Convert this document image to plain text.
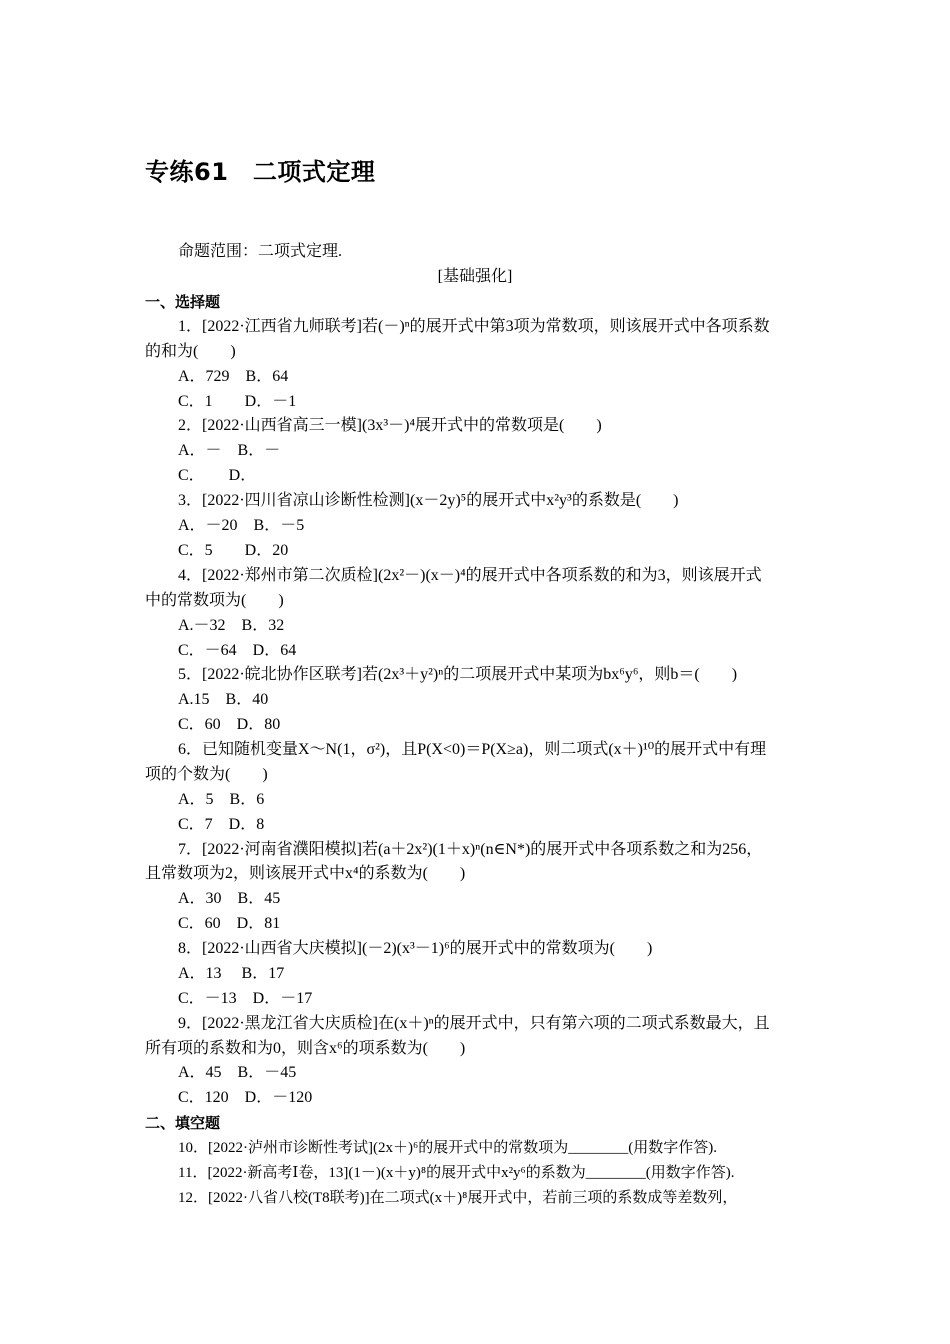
专练61　二项式定理
命题范围：二项式定理.
[基础强化]
一、选择题
1．[2022·江西省九师联考]若(－)ⁿ的展开式中第3项为常数项，则该展开式中各项系数
的和为(　　)
A．729　B．64
C．1　　D．－1
2．[2022·山西省高三一模](3x³－)⁴展开式中的常数项是(　　)
A．－　B．－
C．　　D．
3．[2022·四川省凉山诊断性检测](x－2y)⁵的展开式中x²y³的系数是(　　)
A．－20　B．－5
C．5　　D．20
4．[2022·郑州市第二次质检](2x²－)(x－)⁴的展开式中各项系数的和为3，则该展开式
中的常数项为(　　)
A.－32　B．32
C．－64　D．64
5．[2022·皖北协作区联考]若(2x³＋y²)ⁿ的二项展开式中某项为bx⁶y⁶，则b＝(　　)
A.15　B．40
C．60　D．80
6．已知随机变量X～N(1，σ²)，且P(X<0)＝P(X≥a)，则二项式(x＋)¹⁰的展开式中有理
项的个数为(　　)
A．5　B．6
C．7　D．8
7．[2022·河南省濮阳模拟]若(a＋2x²)(1＋x)ⁿ(n∈N*)的展开式中各项系数之和为256，
且常数项为2，则该展开式中x⁴的系数为(　　)
A．30　B．45
C．60　D．81
8．[2022·山西省大庆模拟](－2)(x³－1)⁶的展开式中的常数项为(　　)
A．13　 B．17
C．－13　D．－17
9．[2022·黑龙江省大庆质检]在(x＋)ⁿ的展开式中，只有第六项的二项式系数最大，且
所有项的系数和为0，则含x⁶的项系数为(　　)
A．45　B．－45
C．120　D．－120
二、填空题
10．[2022·泸州市诊断性考试](2x＋)⁶的展开式中的常数项为________(用数字作答).
11．[2022·新高考Ⅰ卷，13](1－)(x＋y)⁸的展开式中x²y⁶的系数为________(用数字作答).
12．[2022·八省八校(T8联考)]在二项式(x＋)⁸展开式中，若前三项的系数成等差数列，
